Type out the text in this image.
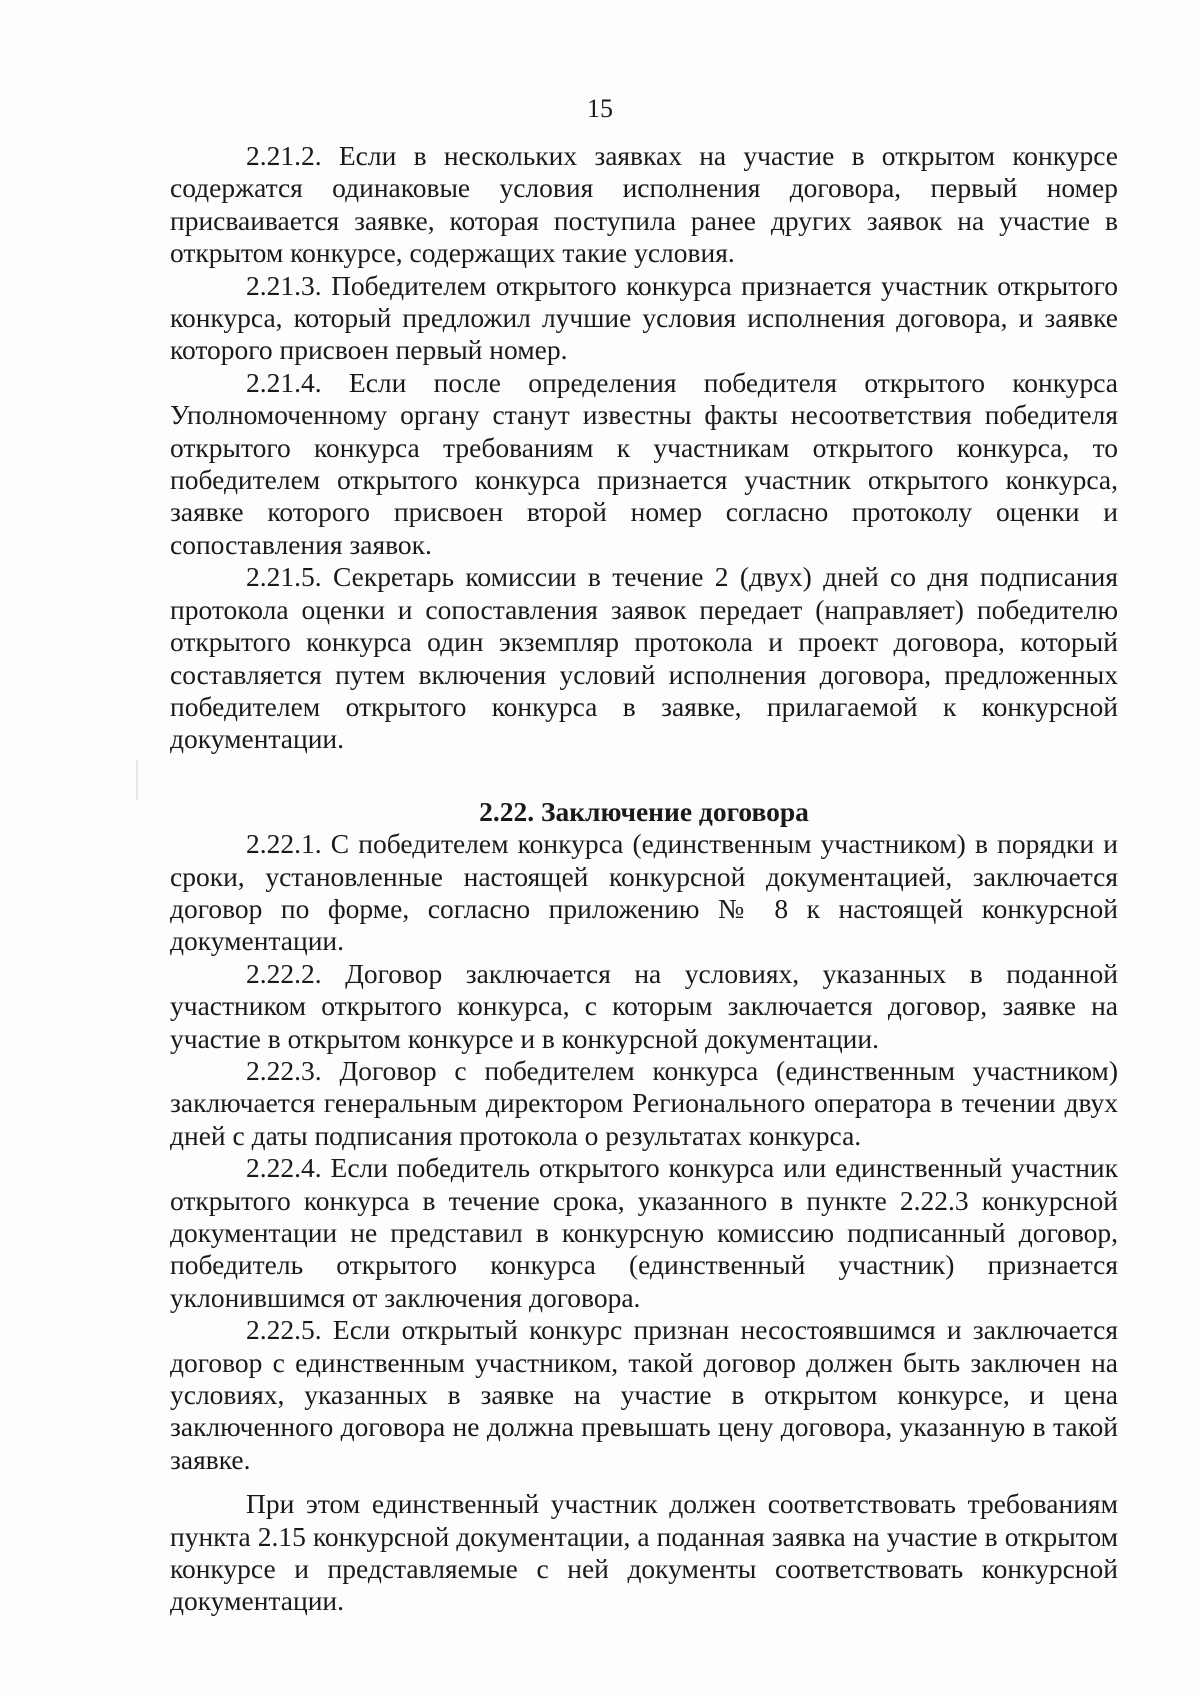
15

2.21.2. Если в нескольких заявках на участие в открытом конкурсе содержатся одинаковые условия исполнения договора, первый номер присваивается заявке, которая поступила ранее других заявок на участие в открытом конкурсе, содержащих такие условия.

2.21.3. Победителем открытого конкурса признается участник открытого конкурса, который предложил лучшие условия исполнения договора, и заявке которого присвоен первый номер.

2.21.4. Если после определения победителя открытого конкурса Уполномоченному органу станут известны факты несоответствия победителя открытого конкурса требованиям к участникам открытого конкурса, то победителем открытого конкурса признается участник открытого конкурса, заявке которого присвоен второй номер согласно протоколу оценки и сопоставления заявок.

2.21.5. Секретарь комиссии в течение 2 (двух) дней со дня подписания протокола оценки и сопоставления заявок передает (направляет) победителю открытого конкурса один экземпляр протокола и проект договора, который составляется путем включения условий исполнения договора, предложенных победителем открытого конкурса в заявке, прилагаемой к конкурсной документации.

2.22. Заключение договора

2.22.1. С победителем конкурса (единственным участником) в порядки и сроки, установленные настоящей конкурсной документацией, заключается договор по форме, согласно приложению № 8 к настоящей конкурсной документации.

2.22.2. Договор заключается на условиях, указанных в поданной участником открытого конкурса, с которым заключается договор, заявке на участие в открытом конкурсе и в конкурсной документации.

2.22.3. Договор с победителем конкурса (единственным участником) заключается генеральным директором Регионального оператора в течении двух дней с даты подписания протокола о результатах конкурса.

2.22.4. Если победитель открытого конкурса или единственный участник открытого конкурса в течение срока, указанного в пункте 2.22.3 конкурсной документации не представил в конкурсную комиссию подписанный договор, победитель открытого конкурса (единственный участник) признается уклонившимся от заключения договора.

2.22.5. Если открытый конкурс признан несостоявшимся и заключается договор с единственным участником, такой договор должен быть заключен на условиях, указанных в заявке на участие в открытом конкурсе, и цена заключенного договора не должна превышать цену договора, указанную в такой заявке.

При этом единственный участник должен соответствовать требованиям пункта 2.15 конкурсной документации, а поданная заявка на участие в открытом конкурсе и представляемые с ней документы соответствовать конкурсной документации.
